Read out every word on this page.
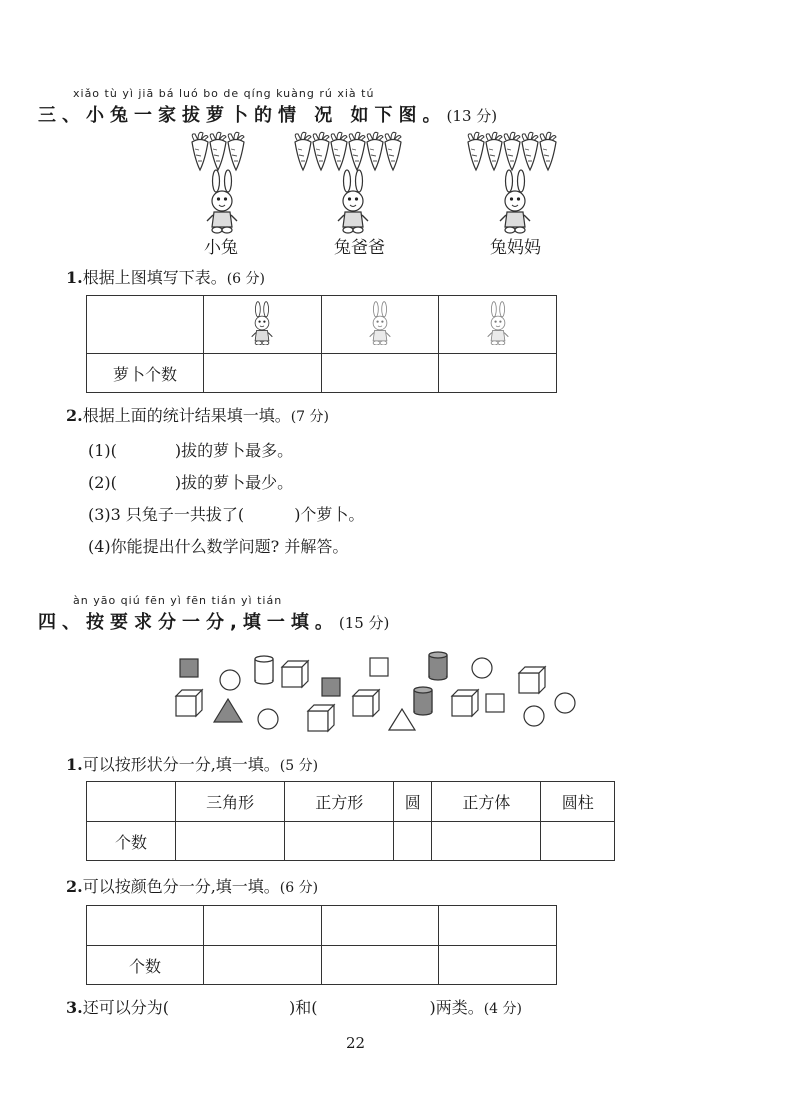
xiǎo tù yì jiā bá luó bo de qíng kuàng rú xià tú
三、小兔一家拔萝卜的情 况 如下图。(13 分)
小兔	兔爸爸	兔妈妈
1.根据上图填写下表。(6 分)

萝卜个数			
2.根据上面的统计结果填一填。(7 分)
(1)(	)拔的萝卜最多。
(2)(	)拔的萝卜最少。
(3)3 只兔子一共拔了(	)个萝卜。
(4)你能提出什么数学问题? 并解答。
àn yāo qiú fēn yì fēn tián yì tián
四、按要求分一分,填一填。(15 分)
1.可以按形状分一分,填一填。(5 分)
	三角形	正方形	圆	正方体	圆柱
个数					
2.可以按颜色分一分,填一填。(6 分)

个数			
3.还可以分为(	)和(	)两类。(4 分)
22
